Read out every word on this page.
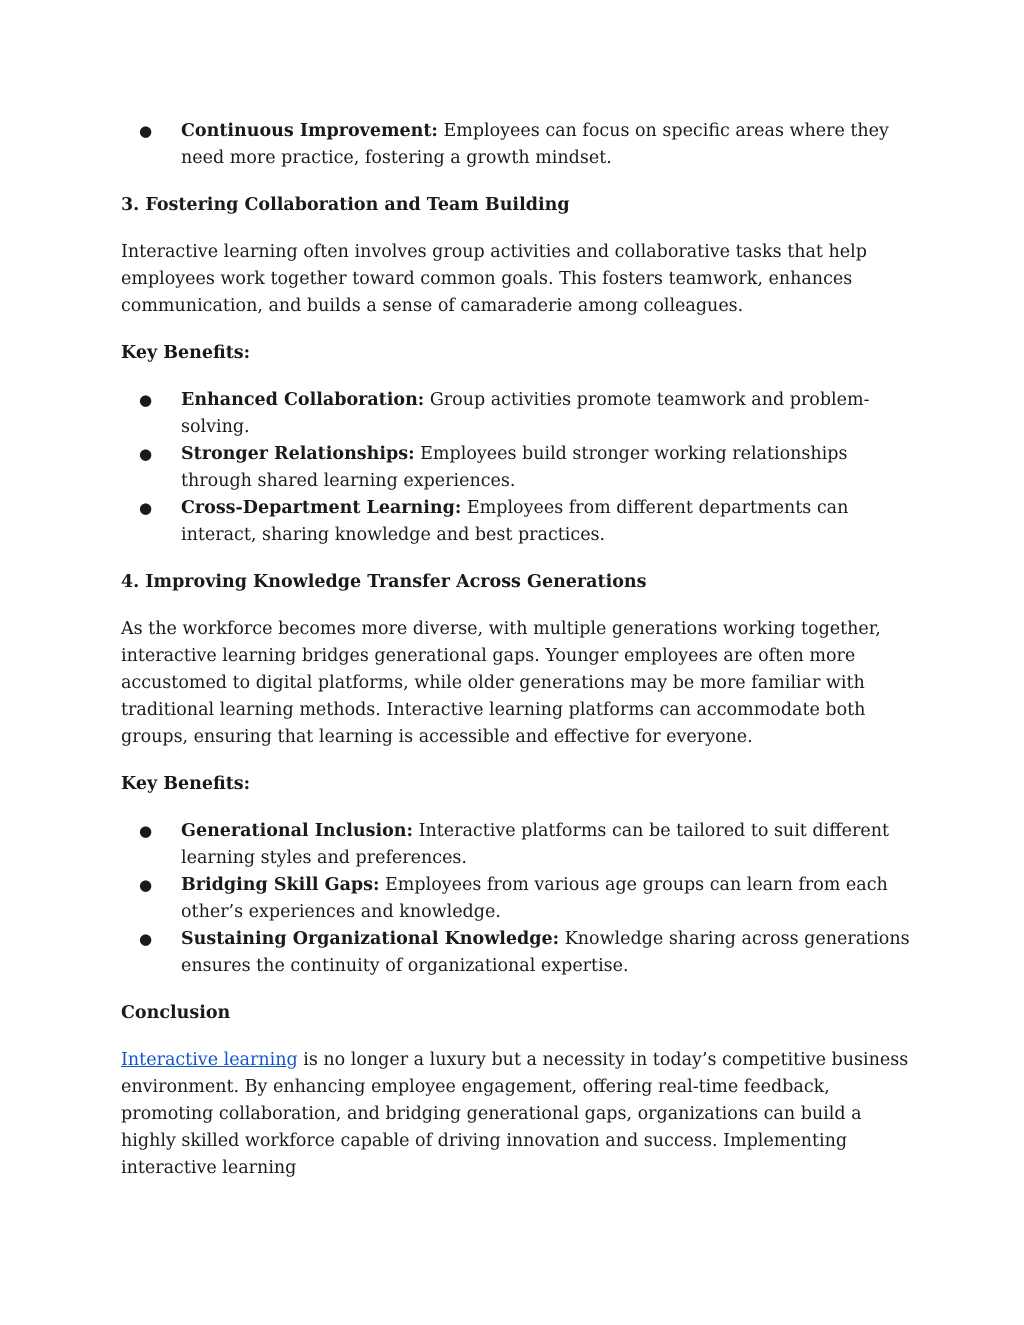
● Continuous Improvement: Employees can focus on specific areas where they need more practice, fostering a growth mindset.
3. Fostering Collaboration and Team Building

Interactive learning often involves group activities and collaborative tasks that help employees work together toward common goals. This fosters teamwork, enhances communication, and builds a sense of camaraderie among colleagues.

Key Benefits:
● Enhanced Collaboration: Group activities promote teamwork and problem-solving.
● Stronger Relationships: Employees build stronger working relationships through shared learning experiences.
● Cross-Department Learning: Employees from different departments can interact, sharing knowledge and best practices.
4. Improving Knowledge Transfer Across Generations

As the workforce becomes more diverse, with multiple generations working together, interactive learning bridges generational gaps. Younger employees are often more accustomed to digital platforms, while older generations may be more familiar with traditional learning methods. Interactive learning platforms can accommodate both groups, ensuring that learning is accessible and effective for everyone.

Key Benefits:
● Generational Inclusion: Interactive platforms can be tailored to suit different learning styles and preferences.
● Bridging Skill Gaps: Employees from various age groups can learn from each other’s experiences and knowledge.
● Sustaining Organizational Knowledge: Knowledge sharing across generations ensures the continuity of organizational expertise.
Conclusion

Interactive learning is no longer a luxury but a necessity in today’s competitive business environment. By enhancing employee engagement, offering real-time feedback, promoting collaboration, and bridging generational gaps, organizations can build a highly skilled workforce capable of driving innovation and success. Implementing interactive learning
